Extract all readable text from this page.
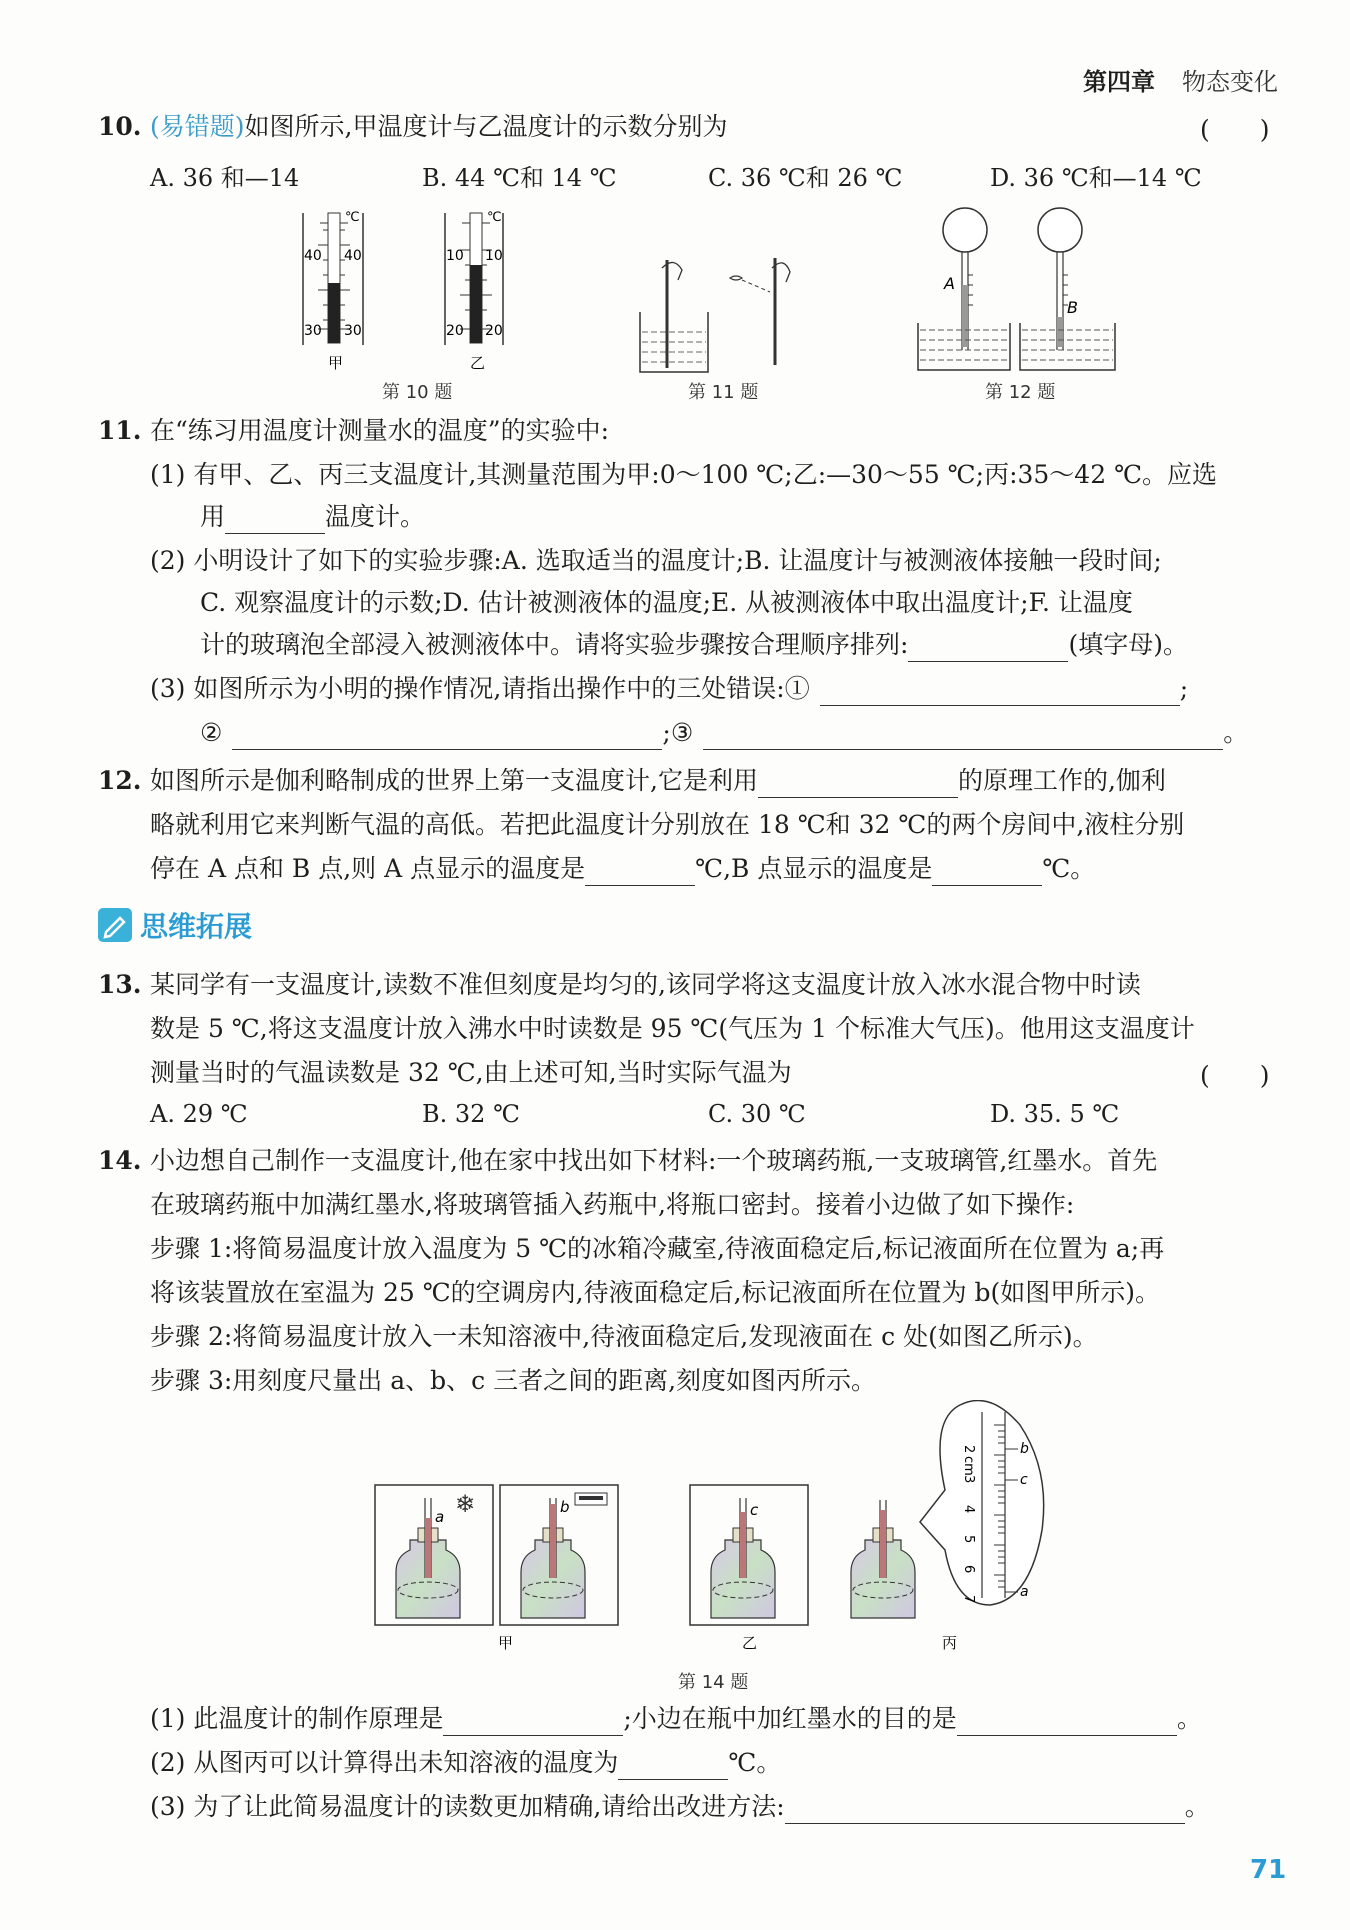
第四章 物态变化
10. (易错题)如图所示,甲温度计与乙温度计的示数分别为	(　　)
A. 36 和—14	B. 44 ℃和 14 ℃	C. 36 ℃和 26 ℃	D. 36 ℃和—14 ℃
℃
40 40
30 30
甲
℃
10 10
20 20
乙
第 10 题	第 11 题
A
B
第 12 题
11. 在“练习用温度计测量水的温度”的实验中:
(1) 有甲、乙、丙三支温度计,其测量范围为甲:0～100 ℃;乙:—30～55 ℃;丙:35～42 ℃。应选
用	温度计。
(2) 小明设计了如下的实验步骤:A. 选取适当的温度计;B. 让温度计与被测液体接触一段时间;
C. 观察温度计的示数;D. 估计被测液体的温度;E. 从被测液体中取出温度计;F. 让温度
计的玻璃泡全部浸入被测液体中。请将实验步骤按合理顺序排列:	(填字母)。
(3) 如图所示为小明的操作情况,请指出操作中的三处错误:①	;
②	;③	。
12. 如图所示是伽利略制成的世界上第一支温度计,它是利用	的原理工作的,伽利
略就利用它来判断气温的高低。若把此温度计分别放在 18 ℃和 32 ℃的两个房间中,液柱分别
停在 A 点和 B 点,则 A 点显示的温度是	℃,B 点显示的温度是	℃。
思维拓展
13. 某同学有一支温度计,读数不准但刻度是均匀的,该同学将这支温度计放入冰水混合物中时读
数是 5 ℃,将这支温度计放入沸水中时读数是 95 ℃(气压为 1 个标准大气压)。他用这支温度计
测量当时的气温读数是 32 ℃,由上述可知,当时实际气温为	(　　)
A. 29 ℃	B. 32 ℃	C. 30 ℃	D. 35. 5 ℃
14. 小边想自己制作一支温度计,他在家中找出如下材料:一个玻璃药瓶,一支玻璃管,红墨水。首先
在玻璃药瓶中加满红墨水,将玻璃管插入药瓶中,将瓶口密封。接着小边做了如下操作:
步骤 1:将简易温度计放入温度为 5 ℃的冰箱冷藏室,待液面稳定后,标记液面所在位置为 a;再
将该装置放在室温为 25 ℃的空调房内,待液面稳定后,标记液面所在位置为 b(如图甲所示)。
步骤 2:将简易温度计放入一未知溶液中,待液面稳定后,发现液面在 c 处(如图乙所示)。
步骤 3:用刻度尺量出 a、b、c 三者之间的距离,刻度如图丙所示。
a ❄	b	c
2
cm
3
4
5
6
7
b
c
a
甲	乙	丙
第 14 题
(1) 此温度计的制作原理是	;小边在瓶中加红墨水的目的是	。
(2) 从图丙可以计算得出未知溶液的温度为	℃。
(3) 为了让此简易温度计的读数更加精确,请给出改进方法:	。
71
